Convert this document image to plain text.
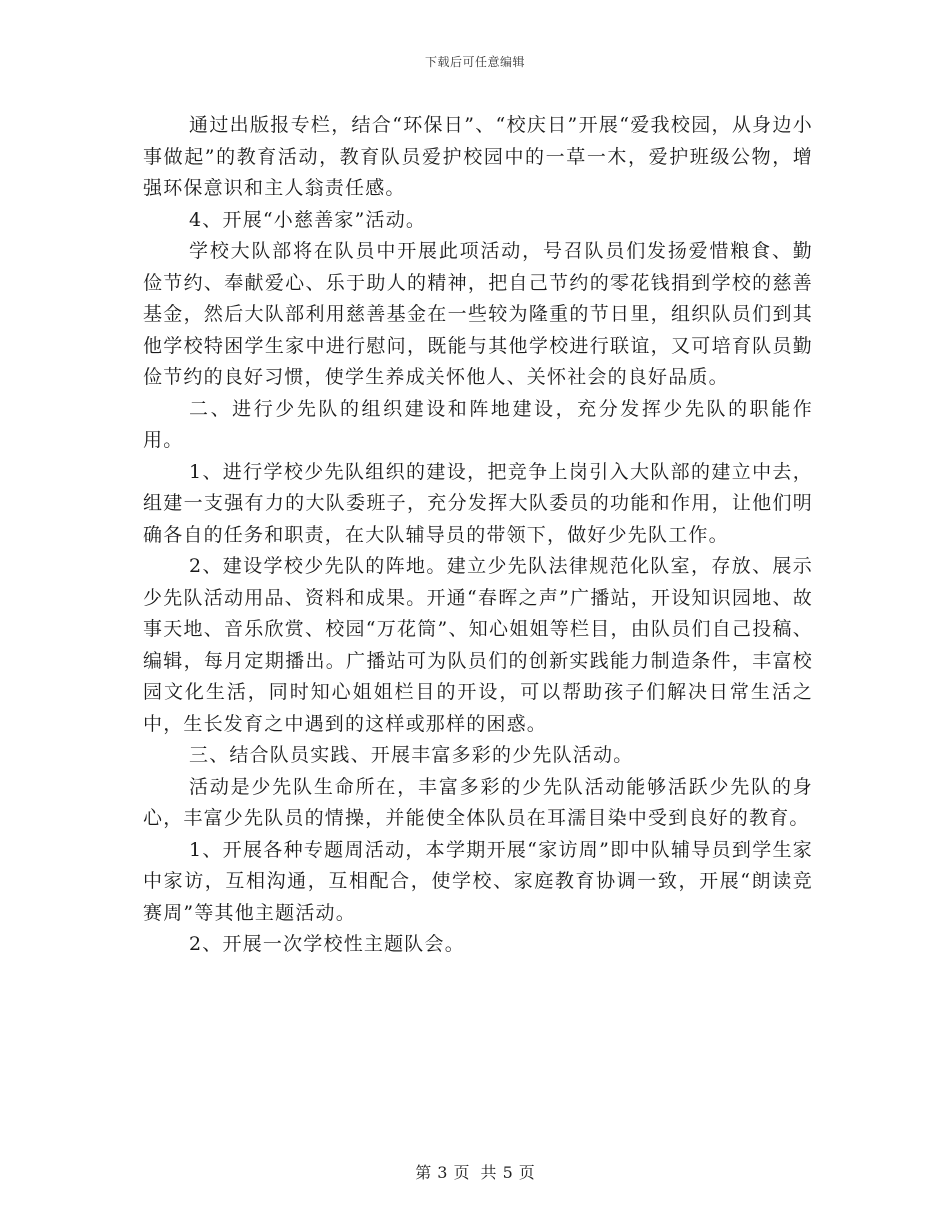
下载后可任意编辑

通过出版报专栏，结合“环保日”、“校庆日”开展“爱我校园，从身边小事做起”的教育活动，教育队员爱护校园中的一草一木，爱护班级公物，增强环保意识和主人翁责任感。

4、开展“小慈善家”活动。

学校大队部将在队员中开展此项活动，号召队员们发扬爱惜粮食、勤俭节约、奉献爱心、乐于助人的精神，把自己节约的零花钱捐到学校的慈善基金，然后大队部利用慈善基金在一些较为隆重的节日里，组织队员们到其他学校特困学生家中进行慰问，既能与其他学校进行联谊，又可培育队员勤俭节约的良好习惯，使学生养成关怀他人、关怀社会的良好品质。

二、进行少先队的组织建设和阵地建设，充分发挥少先队的职能作用。

1、进行学校少先队组织的建设，把竞争上岗引入大队部的建立中去，组建一支强有力的大队委班子，充分发挥大队委员的功能和作用，让他们明确各自的任务和职责，在大队辅导员的带领下，做好少先队工作。

2、建设学校少先队的阵地。建立少先队法律规范化队室，存放、展示少先队活动用品、资料和成果。开通“春晖之声”广播站，开设知识园地、故事天地、音乐欣赏、校园“万花筒”、知心姐姐等栏目，由队员们自己投稿、编辑，每月定期播出。广播站可为队员们的创新实践能力制造条件，丰富校园文化生活，同时知心姐姐栏目的开设，可以帮助孩子们解决日常生活之中，生长发育之中遇到的这样或那样的困惑。

三、结合队员实践、开展丰富多彩的少先队活动。

活动是少先队生命所在，丰富多彩的少先队活动能够活跃少先队的身心，丰富少先队员的情操，并能使全体队员在耳濡目染中受到良好的教育。

1、开展各种专题周活动，本学期开展“家访周”即中队辅导员到学生家中家访，互相沟通，互相配合，使学校、家庭教育协调一致，开展“朗读竞赛周”等其他主题活动。

2、开展一次学校性主题队会。

第 3 页 共 5 页
